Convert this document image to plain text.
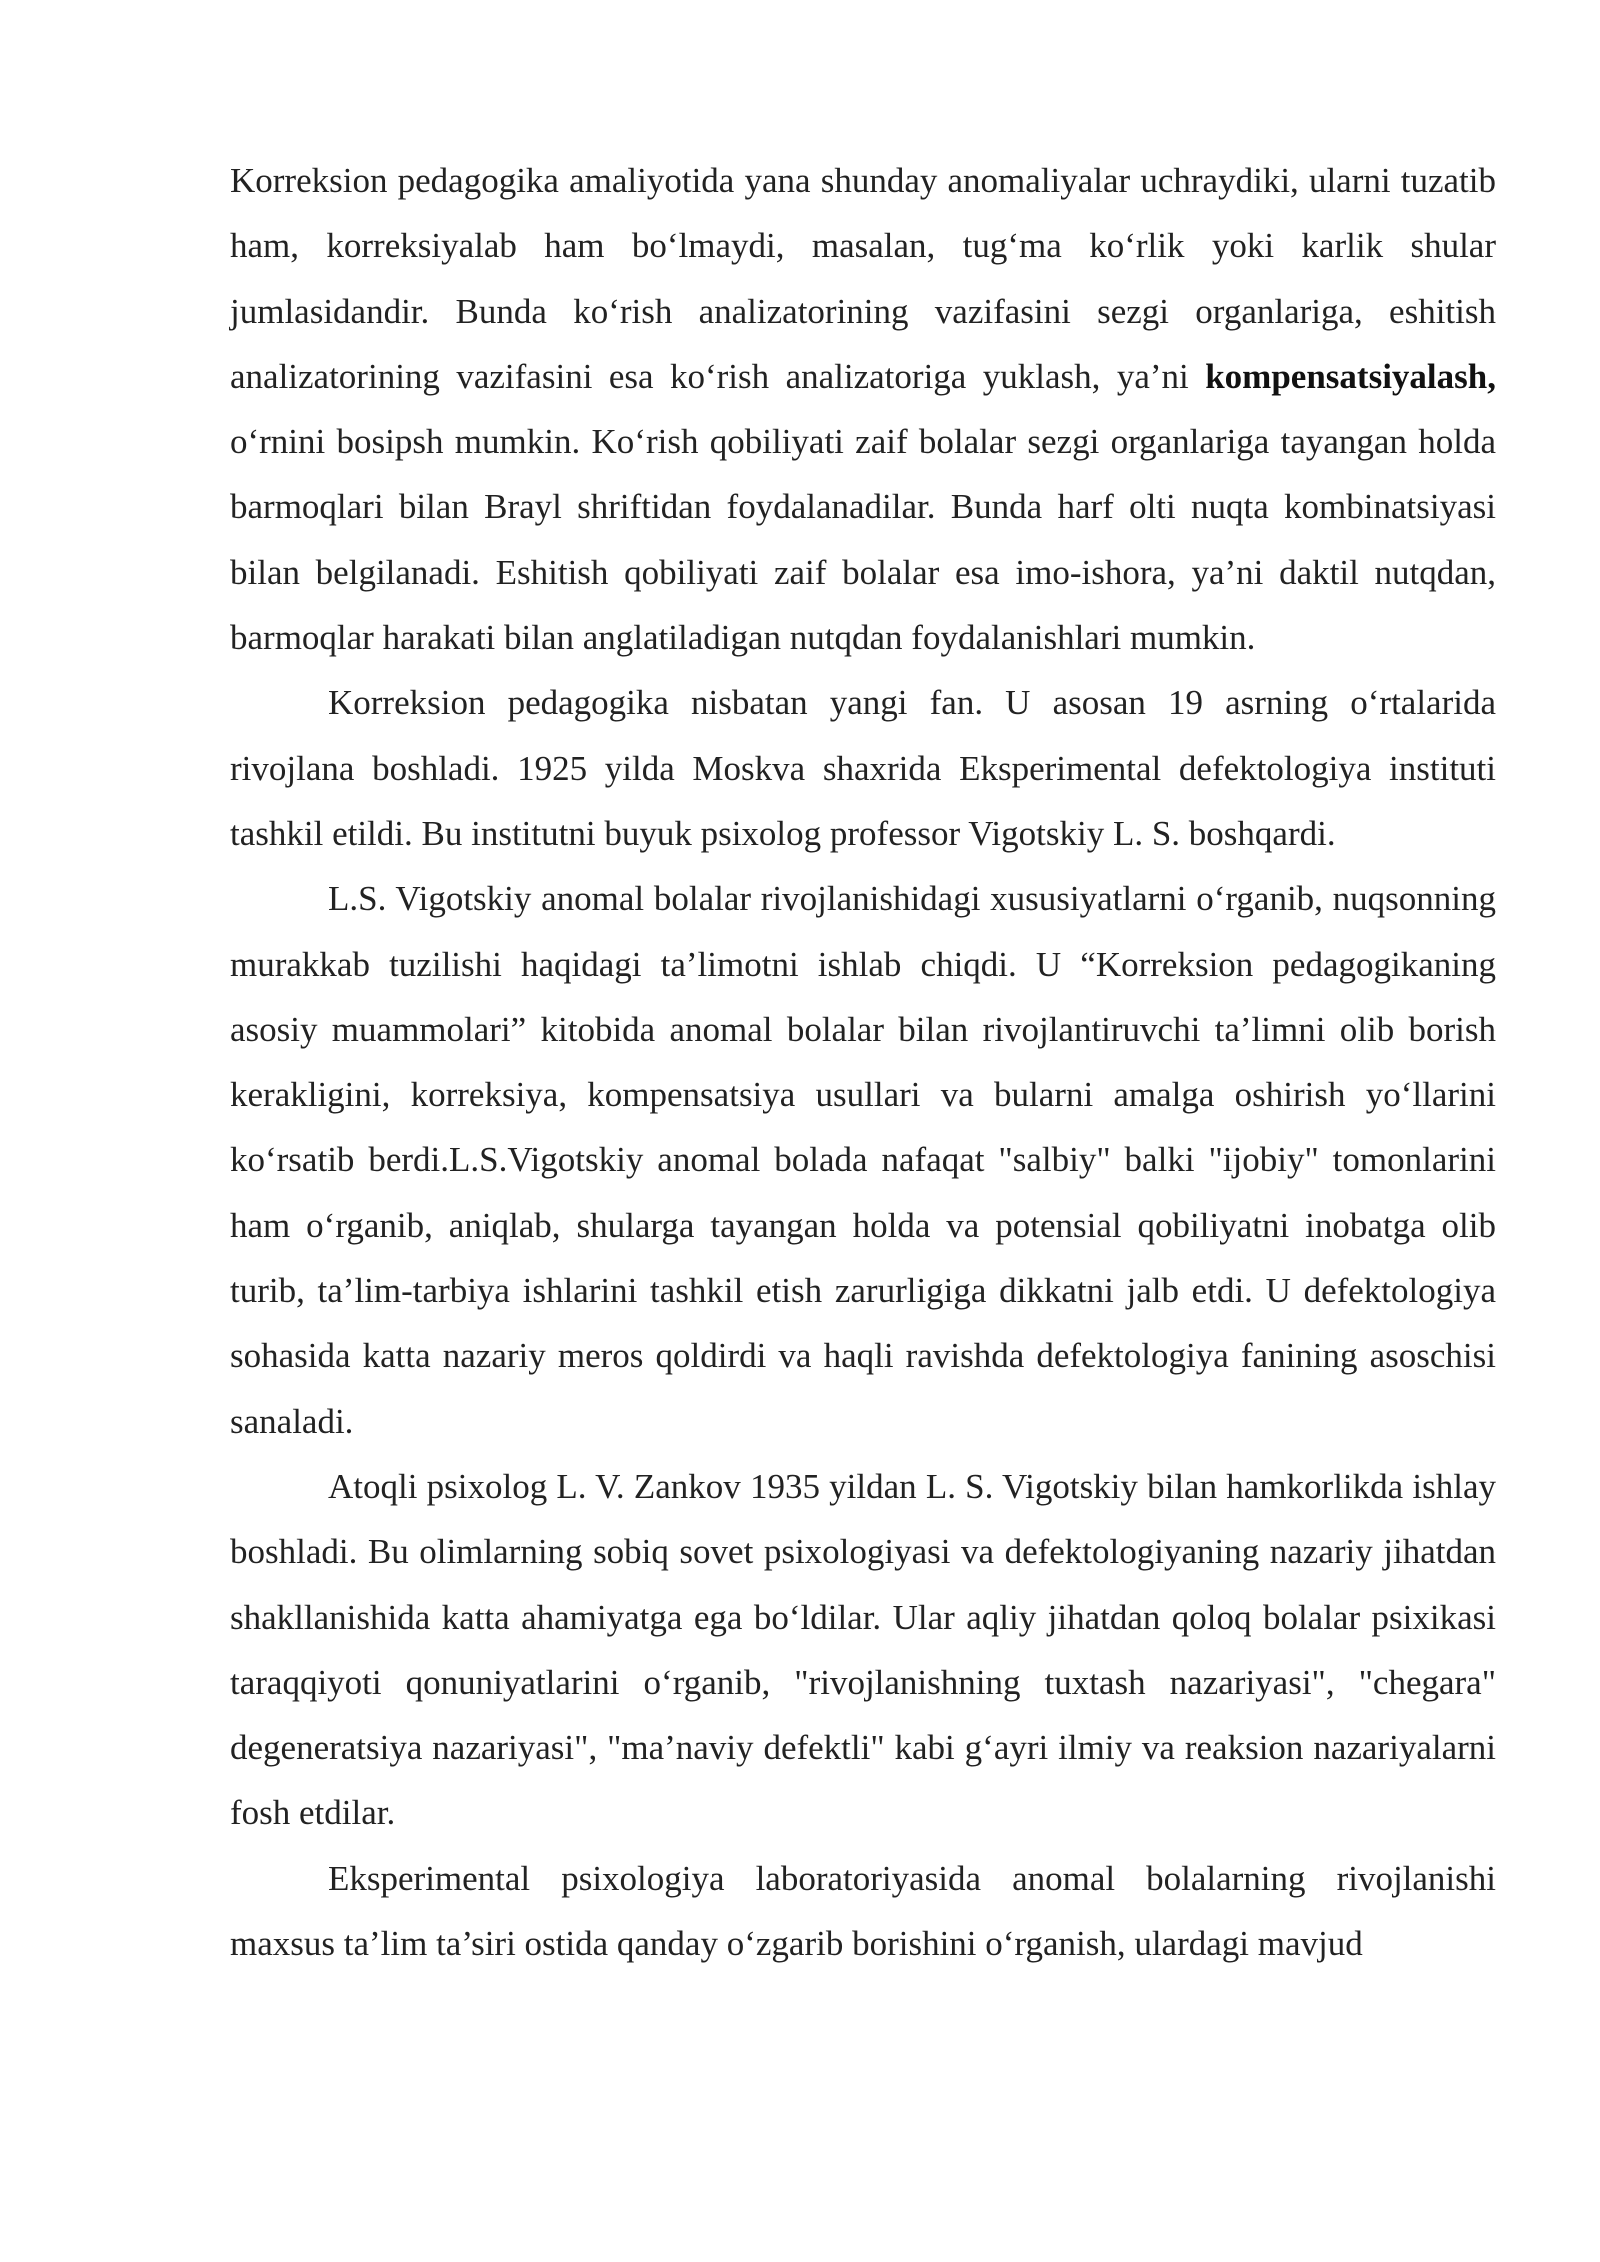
Korreksion pedagogika amaliyotida yana shunday anomaliyalar uchraydiki, ularni tuzatib ham, korreksiyalab ham bo‘lmaydi, masalan, tug‘ma ko‘rlik yoki karlik shular jumlasidandir. Bunda ko‘rish analizatorining vazifasini sezgi organlariga, eshitish analizatorining vazifasini esa ko‘rish analizatoriga yuklash, ya’ni kompensatsiyalash, o‘rnini bosipsh mumkin. Ko‘rish qobiliyati zaif bolalar sezgi organlariga tayangan holda barmoqlari bilan Brayl shriftidan foydalanadilar. Bunda harf olti nuqta kombinatsiyasi bilan belgilanadi. Eshitish qobiliyati zaif bolalar esa imo-ishora, ya’ni daktil nutqdan, barmoqlar harakati bilan anglatiladigan nutqdan foydalanishlari mumkin.

Korreksion pedagogika nisbatan yangi fan. U asosan 19 asrning o‘rtalarida rivojlana boshladi. 1925 yilda Moskva shaxrida Eksperimental defektologiya instituti tashkil etildi. Bu institutni buyuk psixolog professor Vigotskiy L. S. boshqardi.

L.S. Vigotskiy anomal bolalar rivojlanishidagi xususiyatlarni o‘rganib, nuqsonning murakkab tuzilishi haqidagi ta’limotni ishlab chiqdi. U “Korreksion pedagogikaning asosiy muammolari” kitobida anomal bolalar bilan rivojlantiruvchi ta’limni olib borish kerakligini, korreksiya, kompensatsiya usullari va bularni amalga oshirish yo‘llarini ko‘rsatib berdi.L.S.Vigotskiy anomal bolada nafaqat "salbiy" balki "ijobiy" tomonlarini ham o‘rganib, aniqlab, shularga tayangan holda va potensial qobiliyatni inobatga olib turib, ta’lim-tarbiya ishlarini tashkil etish zarurligiga dikkatni jalb etdi. U defektologiya sohasida katta nazariy meros qoldirdi va haqli ravishda defektologiya fanining asoschisi sanaladi.

Atoqli psixolog L. V. Zankov 1935 yildan L. S. Vigotskiy bilan hamkorlikda ishlay boshladi. Bu olimlarning sobiq sovet psixologiyasi va defektologiyaning nazariy jihatdan shakllanishida katta ahamiyatga ega bo‘ldilar. Ular aqliy jihatdan qoloq bolalar psixikasi taraqqiyoti qonuniyatlarini o‘rganib, "rivojlanishning tuxtash nazariyasi", "chegara" degeneratsiya nazariyasi", "ma’naviy defektli" kabi g‘ayri ilmiy va reaksion nazariyalarni fosh etdilar.

Eksperimental psixologiya laboratoriyasida anomal bolalarning rivojlanishi maxsus ta’lim ta’siri ostida qanday o‘zgarib borishini o‘rganish, ulardagi mavjud
